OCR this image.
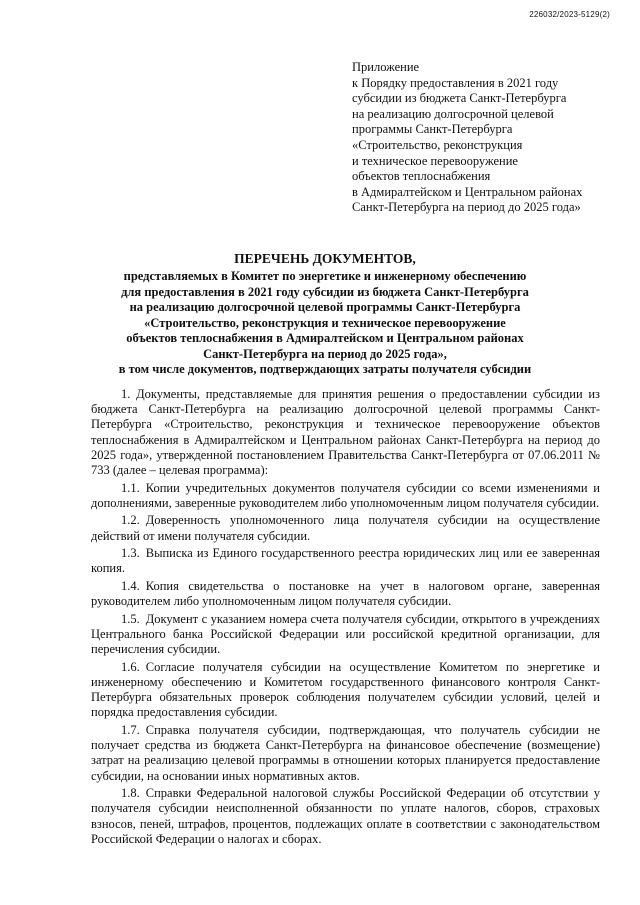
226032/2023-5129(2)
Приложение
к Порядку предоставления в 2021 году
субсидии из бюджета Санкт-Петербурга
на реализацию долгосрочной целевой
программы Санкт-Петербурга
«Строительство, реконструкция
и техническое перевооружение
объектов теплоснабжения
в Адмиралтейском и Центральном районах
Санкт-Петербурга на период до 2025 года»
ПЕРЕЧЕНЬ ДОКУМЕНТОВ,
представляемых в Комитет по энергетике и инженерному обеспечению
для предоставления в 2021 году субсидии из бюджета Санкт-Петербурга
на реализацию долгосрочной целевой программы Санкт-Петербурга
«Строительство, реконструкция и техническое перевооружение
объектов теплоснабжения в Адмиралтейском и Центральном районах
Санкт-Петербурга на период до 2025 года»,
в том числе документов, подтверждающих затраты получателя субсидии

1. Документы, представляемые для принятия решения о предоставлении субсидии из бюджета Санкт-Петербурга на реализацию долгосрочной целевой программы Санкт-Петербурга «Строительство, реконструкция и техническое перевооружение объектов теплоснабжения в Адмиралтейском и Центральном районах Санкт-Петербурга на период до 2025 года», утвержденной постановлением Правительства Санкт-Петербурга от 07.06.2011 № 733 (далее – целевая программа):

1.1. Копии учредительных документов получателя субсидии со всеми изменениями и дополнениями, заверенные руководителем либо уполномоченным лицом получателя субсидии.

1.2. Доверенность уполномоченного лица получателя субсидии на осуществление действий от имени получателя субсидии.

1.3. Выписка из Единого государственного реестра юридических лиц или ее заверенная копия.

1.4. Копия свидетельства о постановке на учет в налоговом органе, заверенная руководителем либо уполномоченным лицом получателя субсидии.

1.5. Документ с указанием номера счета получателя субсидии, открытого в учреждениях Центрального банка Российской Федерации или российской кредитной организации, для перечисления субсидии.

1.6. Согласие получателя субсидии на осуществление Комитетом по энергетике и инженерному обеспечению и Комитетом государственного финансового контроля Санкт-Петербурга обязательных проверок соблюдения получателем субсидии условий, целей и порядка предоставления субсидии.

1.7. Справка получателя субсидии, подтверждающая, что получатель субсидии не получает средства из бюджета Санкт-Петербурга на финансовое обеспечение (возмещение) затрат на реализацию целевой программы в отношении которых планируется предоставление субсидии, на основании иных нормативных актов.

1.8. Справки Федеральной налоговой службы Российской Федерации об отсутствии у получателя субсидии неисполненной обязанности по уплате налогов, сборов, страховых взносов, пеней, штрафов, процентов, подлежащих оплате в соответствии с законодательством Российской Федерации о налогах и сборах.
